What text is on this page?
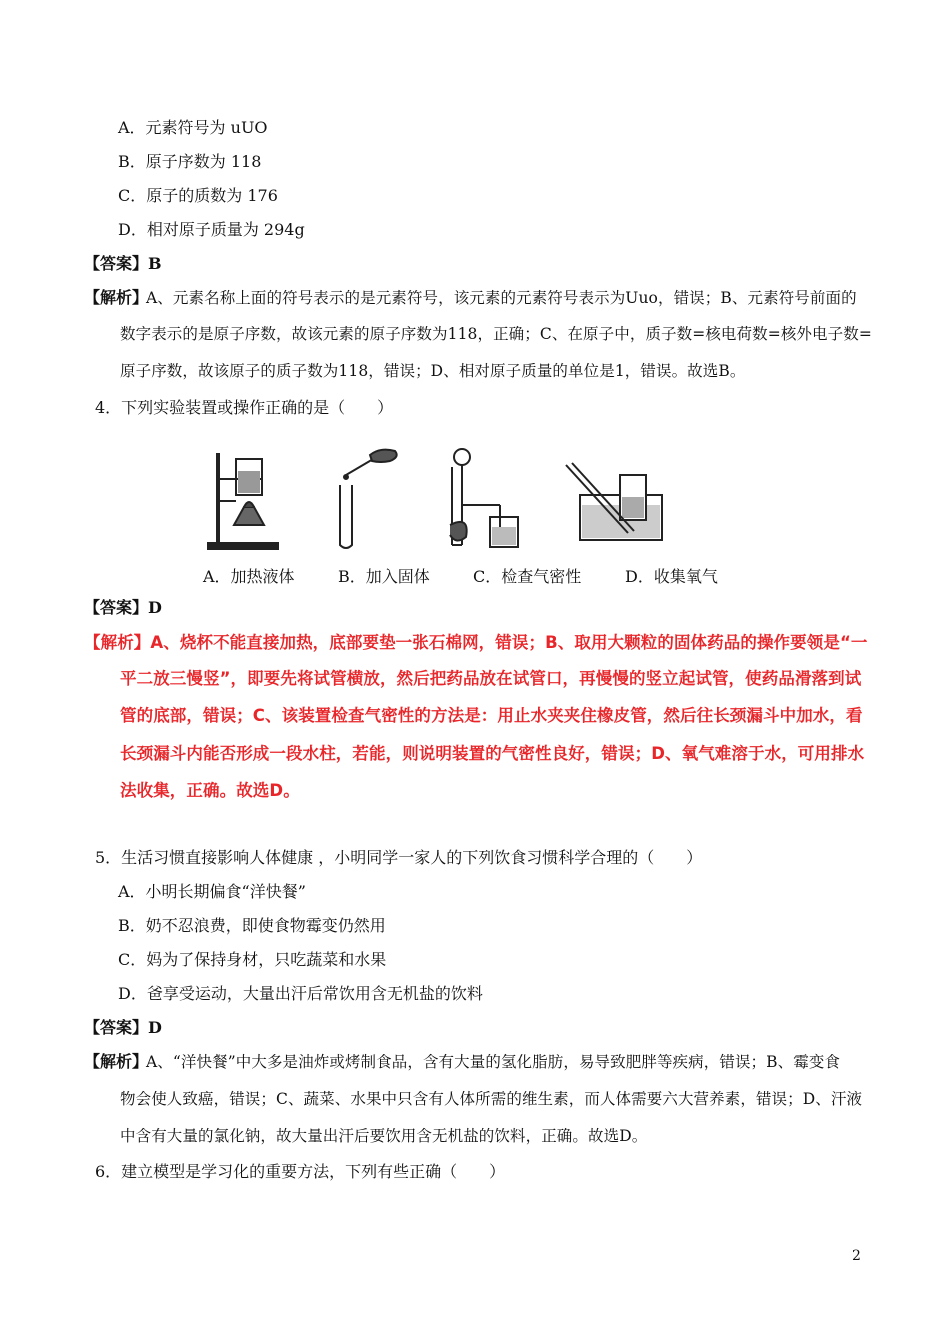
A．元素符号为 uUO
B．原子序数为 118
C．原子的质数为 176
D．相对原子质量为 294g
【答案】B
【解析】
A、元素名称上面的符号表示的是元素符号，该元素的元素符号表示为Uuo，错误；B、元素符号前面的
数字表示的是原子序数，故该元素的原子序数为118，正确；C、在原子中，质子数=核电荷数=核外电子数=
原子序数，故该原子的质子数为118，错误；D、相对原子质量的单位是1，错误。故选B。
4．下列实验装置或操作正确的是（　　）
A．加热液体	B．加入固体	C．检查气密性	D．收集氧气
【答案】D
【解析】A、烧杯不能直接加热，底部要垫一张石棉网，错误；B、取用大颗粒的固体药品的操作要领是“一
平二放三慢竖”，即要先将试管横放，然后把药品放在试管口，再慢慢的竖立起试管，使药品滑落到试
管的底部，错误；C、该装置检查气密性的方法是：用止水夹夹住橡皮管，然后往长颈漏斗中加水，看
长颈漏斗内能否形成一段水柱，若能，则说明装置的气密性良好，错误；D、氧气难溶于水，可用排水
法收集，正确。故选D。
5．生活习惯直接影响人体健康 ，小明同学一家人的下列饮食习惯科学合理的（　　）
A．小明长期偏食“洋快餐”
B．奶不忍浪费，即使食物霉变仍然用
C．妈为了保持身材，只吃蔬菜和水果
D．爸享受运动，大量出汗后常饮用含无机盐的饮料
【答案】D
【解析】
A、“洋快餐”中大多是油炸或烤制食品，含有大量的氢化脂肪，易导致肥胖等疾病，错误；B、霉变食
物会使人致癌，错误；C、蔬菜、水果中只含有人体所需的维生素，而人体需要六大营养素，错误；D、汗液
中含有大量的氯化钠，故大量出汗后要饮用含无机盐的饮料，正确。故选D。
6．建立模型是学习化的重要方法，下列有些正确（　　）
2
